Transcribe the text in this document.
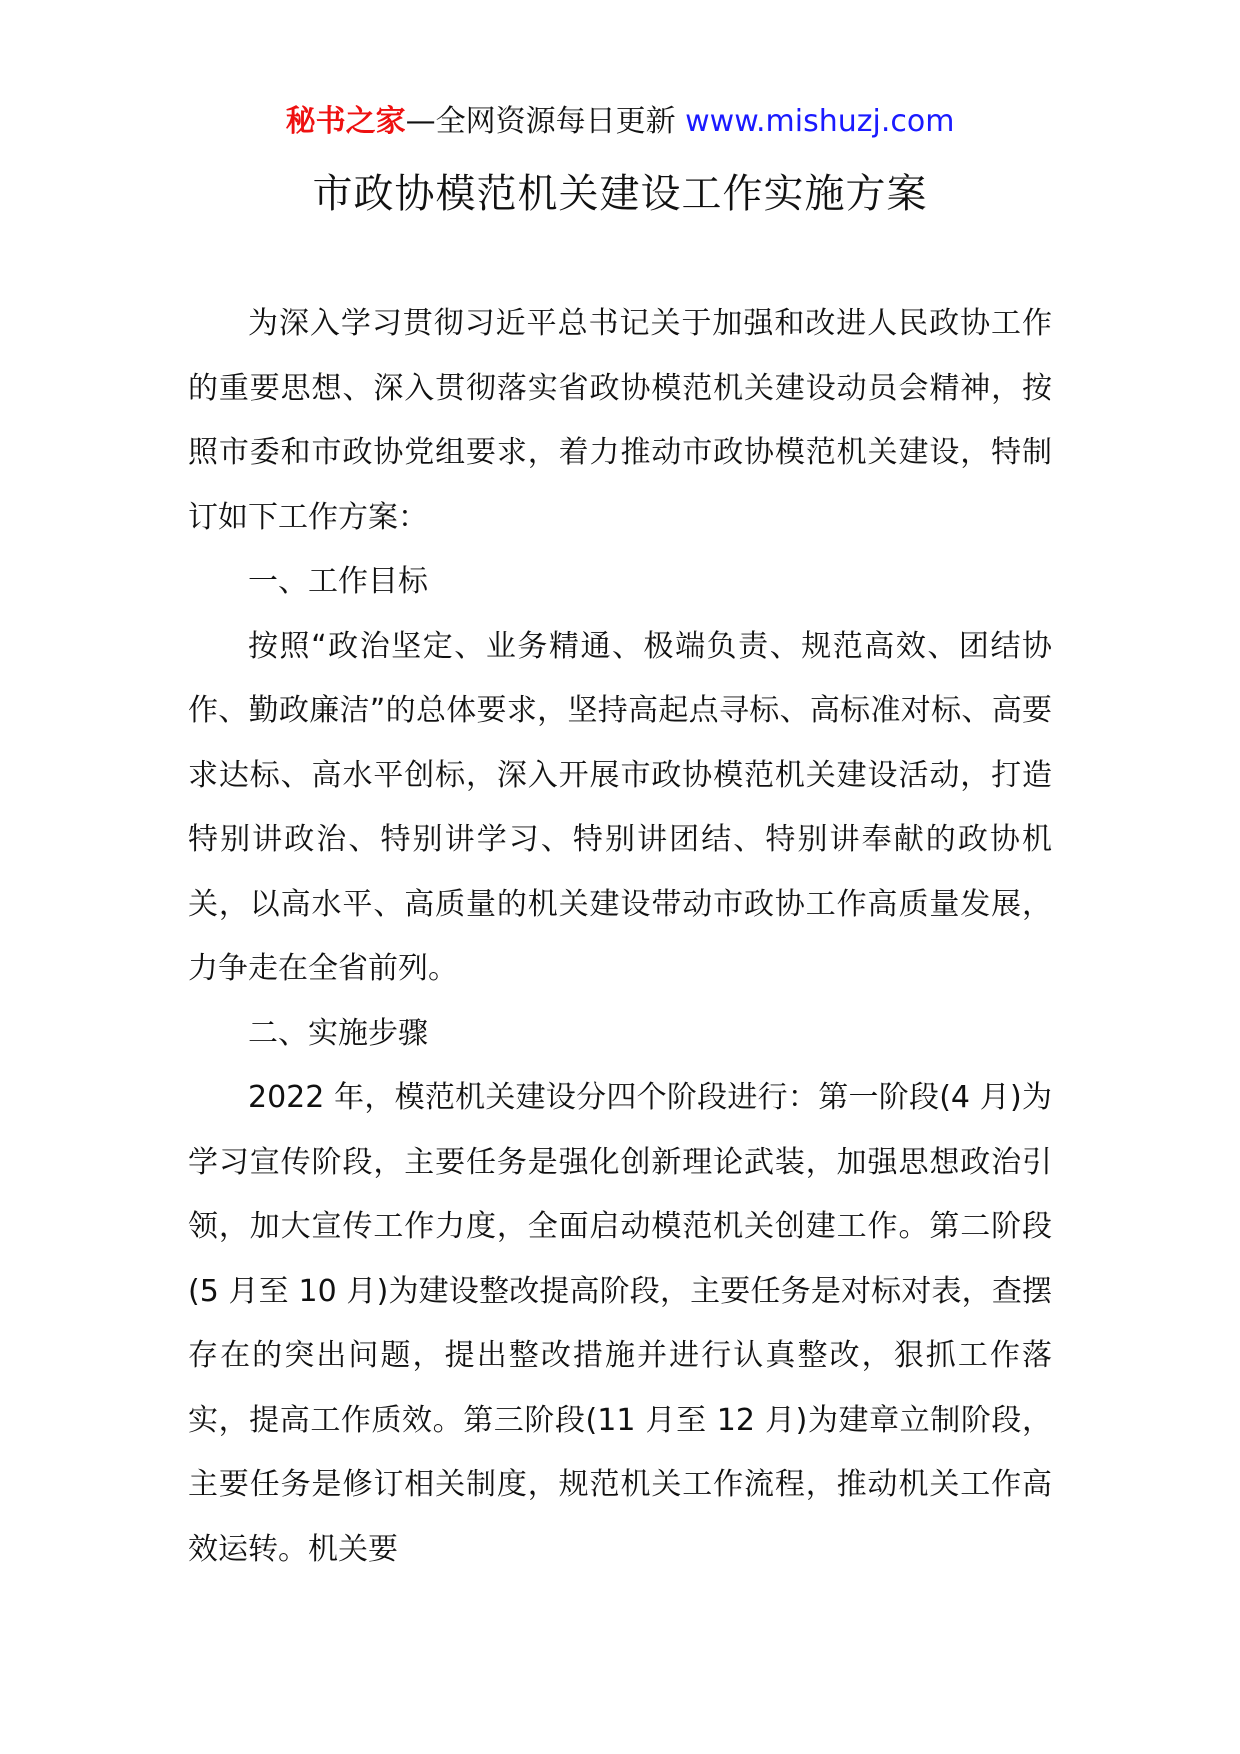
秘书之家—全网资源每日更新 www.mishuzj.com
市政协模范机关建设工作实施方案

为深入学习贯彻习近平总书记关于加强和改进人民政协工作的重要思想、深入贯彻落实省政协模范机关建设动员会精神，按照市委和市政协党组要求，着力推动市政协模范机关建设，特制订如下工作方案：

一、工作目标

按照“政治坚定、业务精通、极端负责、规范高效、团结协作、勤政廉洁”的总体要求，坚持高起点寻标、高标准对标、高要求达标、高水平创标，深入开展市政协模范机关建设活动，打造特别讲政治、特别讲学习、特别讲团结、特别讲奉献的政协机关，以高水平、高质量的机关建设带动市政协工作高质量发展，力争走在全省前列。

二、实施步骤

2022 年，模范机关建设分四个阶段进行：第一阶段(4 月)为学习宣传阶段，主要任务是强化创新理论武装，加强思想政治引领，加大宣传工作力度，全面启动模范机关创建工作。第二阶段(5 月至 10 月)为建设整改提高阶段，主要任务是对标对表，查摆存在的突出问题，提出整改措施并进行认真整改，狠抓工作落实，提高工作质效。第三阶段(11 月至 12 月)为建章立制阶段，主要任务是修订相关制度，规范机关工作流程，推动机关工作高效运转。机关要
